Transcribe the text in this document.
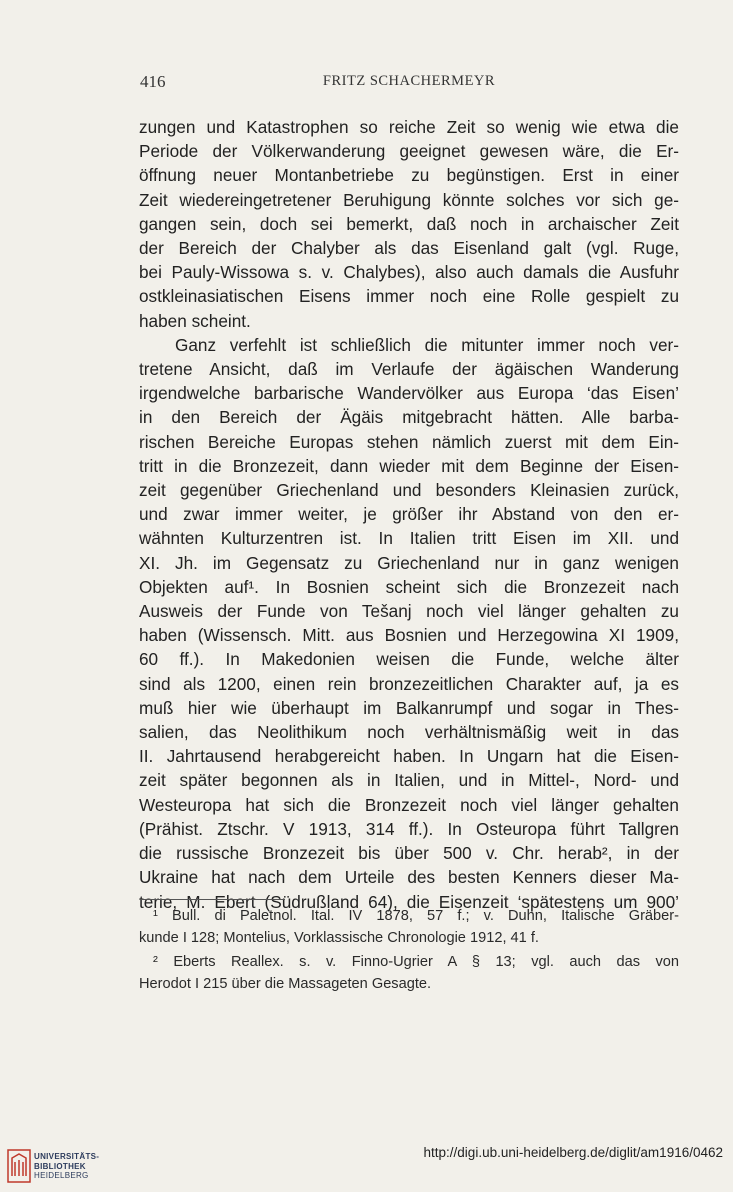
416	FRITZ SCHACHERMEYR

zungen und Katastrophen so reiche Zeit so wenig wie etwa die
Periode der Völkerwanderung geeignet gewesen wäre, die Er-
öffnung neuer Montanbetriebe zu begünstigen. Erst in einer
Zeit wiedereingetretener Beruhigung könnte solches vor sich ge-
gangen sein, doch sei bemerkt, daß noch in archaischer Zeit
der Bereich der Chalyber als das Eisenland galt (vgl. Ruge,
bei Pauly-Wissowa s. v. Chalybes), also auch damals die Ausfuhr
ostkleinasiatischen Eisens immer noch eine Rolle gespielt zu
haben scheint.

Ganz verfehlt ist schließlich die mitunter immer noch ver-
tretene Ansicht, daß im Verlaufe der ägäischen Wanderung
irgendwelche barbarische Wandervölker aus Europa ‘das Eisen’
in den Bereich der Ägäis mitgebracht hätten. Alle barba-
rischen Bereiche Europas stehen nämlich zuerst mit dem Ein-
tritt in die Bronzezeit, dann wieder mit dem Beginne der Eisen-
zeit gegenüber Griechenland und besonders Kleinasien zurück,
und zwar immer weiter, je größer ihr Abstand von den er-
wähnten Kulturzentren ist. In Italien tritt Eisen im XII. und
XI. Jh. im Gegensatz zu Griechenland nur in ganz wenigen
Objekten auf¹. In Bosnien scheint sich die Bronzezeit nach
Ausweis der Funde von Tešanj noch viel länger gehalten zu
haben (Wissensch. Mitt. aus Bosnien und Herzegowina XI 1909,
60 ff.). In Makedonien weisen die Funde, welche älter
sind als 1200, einen rein bronzezeitlichen Charakter auf, ja es
muß hier wie überhaupt im Balkanrumpf und sogar in Thes-
salien, das Neolithikum noch verhältnismäßig weit in das
II. Jahrtausend herabgereicht haben. In Ungarn hat die Eisen-
zeit später begonnen als in Italien, und in Mittel-, Nord- und
Westeuropa hat sich die Bronzezeit noch viel länger gehalten
(Prähist. Ztschr. V 1913, 314 ff.). In Osteuropa führt Tallgren
die russische Bronzezeit bis über 500 v. Chr. herab², in der
Ukraine hat nach dem Urteile des besten Kenners dieser Ma-
terie, M. Ebert (Südrußland 64), die Eisenzeit ‘spätestens um 900’

¹ Bull. di Paletnol. Ital. IV 1878, 57 f.; v. Duhn, Italische Gräber-
kunde I 128; Montelius, Vorklassische Chronologie 1912, 41 f.
² Eberts Reallex. s. v. Finno-Ugrier A § 13; vgl. auch das von
Herodot I 215 über die Massageten Gesagte.
UNIVERSITÄTS-
BIBLIOTHEK
HEIDELBERG
http://digi.ub.uni-heidelberg.de/diglit/am1916/0462
